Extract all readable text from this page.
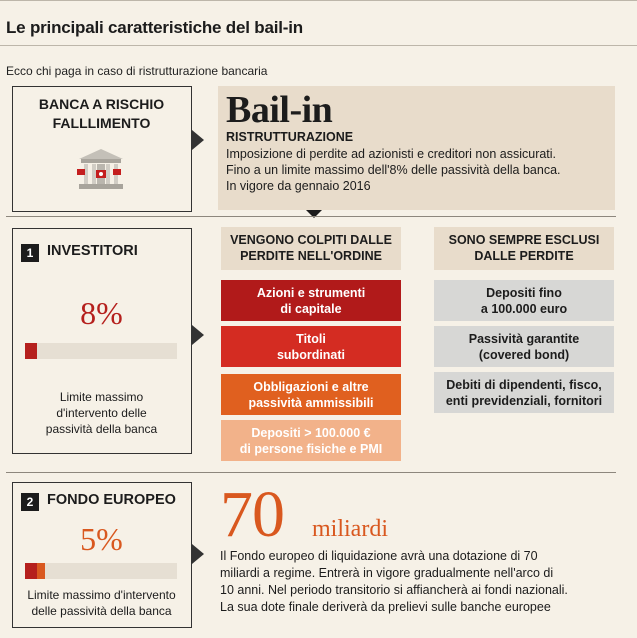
Le principali caratteristiche del bail-in
Ecco chi paga in caso di ristrutturazione bancaria
BANCA A RISCHIO
FALLLIMENTO	Bail-in
RISTRUTTURAZIONE
Imposizione di perdite ad azionisti e creditori non assicurati.
Fino a un limite massimo dell'8% delle passività della banca.
In vigore da gennaio 2016
1 INVESTITORI
8%
Limite massimo
d'intervento delle
passività della banca
VENGONO COLPITI DALLE
PERDITE NELL'ORDINE
SONO SEMPRE ESCLUSI
DALLE PERDITE
Azioni e strumenti
di capitale
Titoli
subordinati
Obbligazioni e altre
passività ammissibili
Depositi > 100.000 €
di persone fisiche e PMI
Depositi fino
a 100.000 euro
Passività garantite
(covered bond)
Debiti di dipendenti, fisco,
enti previdenziali, fornitori
2 FONDO EUROPEO
5%
Limite massimo d'intervento
delle passività della banca
70 miliardi
Il Fondo europeo di liquidazione avrà una dotazione di 70
miliardi a regime. Entrerà in vigore gradualmente nell'arco di
10 anni. Nel periodo transitorio si affiancherà ai fondi nazionali.
La sua dote finale deriverà da prelievi sulle banche europee
